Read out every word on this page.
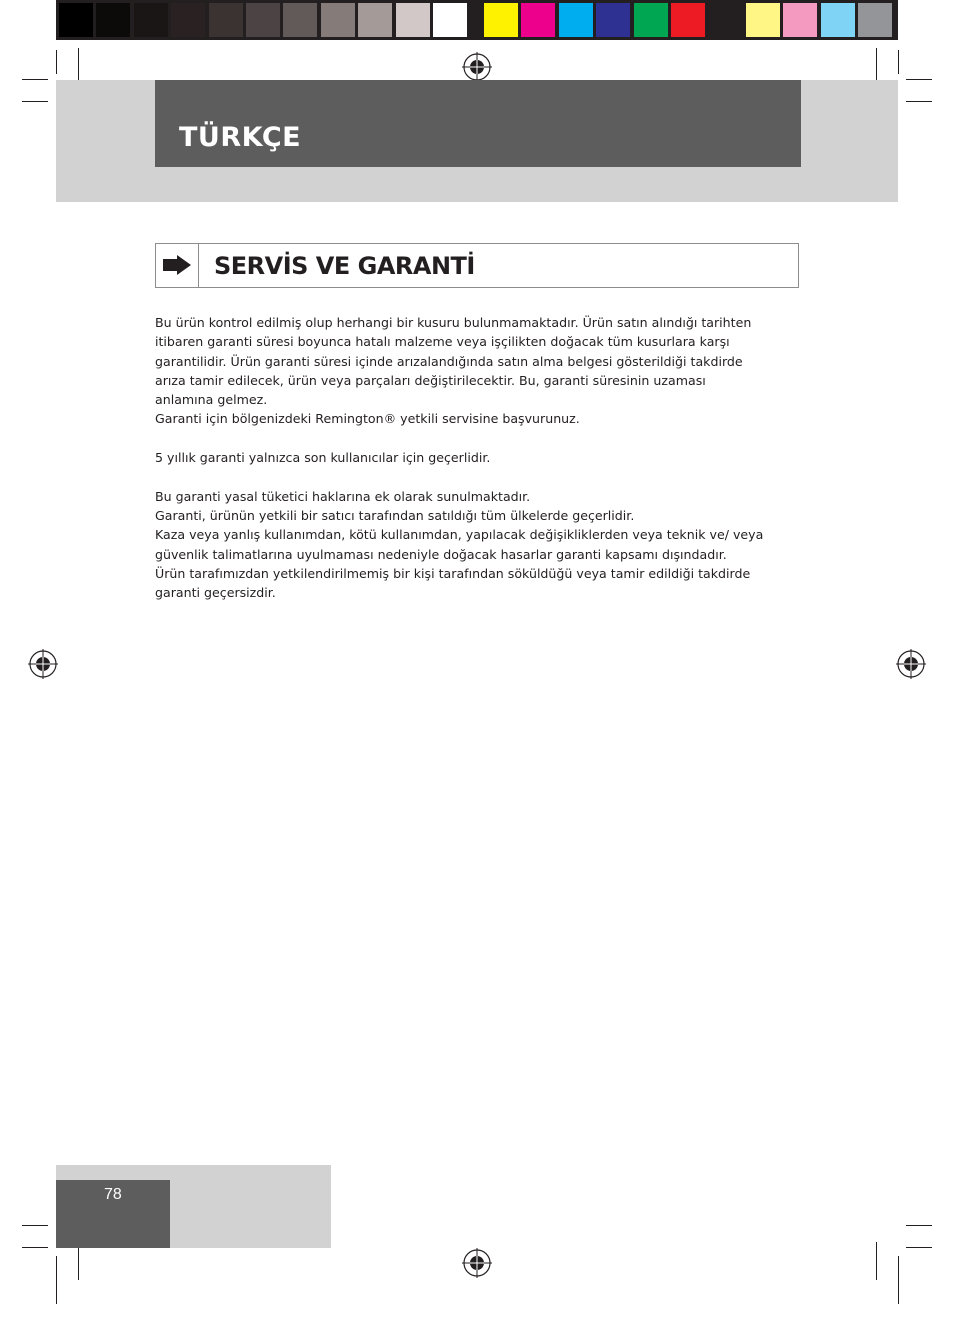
TÜRKÇE
SERVİS VE GARANTİ

Bu ürün kontrol edilmiş olup herhangi bir kusuru bulunmamaktadır. Ürün satın alındığı tarihten

itibaren garanti süresi boyunca hatalı malzeme veya işçilikten doğacak tüm kusurlara karşı

garantilidir. Ürün garanti süresi içinde arızalandığında satın alma belgesi gösterildiği takdirde

arıza tamir edilecek, ürün veya parçaları değiştirilecektir. Bu, garanti süresinin uzaması

anlamına gelmez.

Garanti için bölgenizdeki Remington® yetkili servisine başvurunuz.

5 yıllık garanti yalnızca son kullanıcılar için geçerlidir.

Bu garanti yasal tüketici haklarına ek olarak sunulmaktadır.

Garanti, ürünün yetkili bir satıcı tarafından satıldığı tüm ülkelerde geçerlidir.

Kaza veya yanlış kullanımdan, kötü kullanımdan, yapılacak değişikliklerden veya teknik ve/ veya

güvenlik talimatlarına uyulmaması nedeniyle doğacak hasarlar garanti kapsamı dışındadır.

Ürün tarafımızdan yetkilendirilmemiş bir kişi tarafından söküldüğü veya tamir edildiği takdirde

garanti geçersizdir.

78
